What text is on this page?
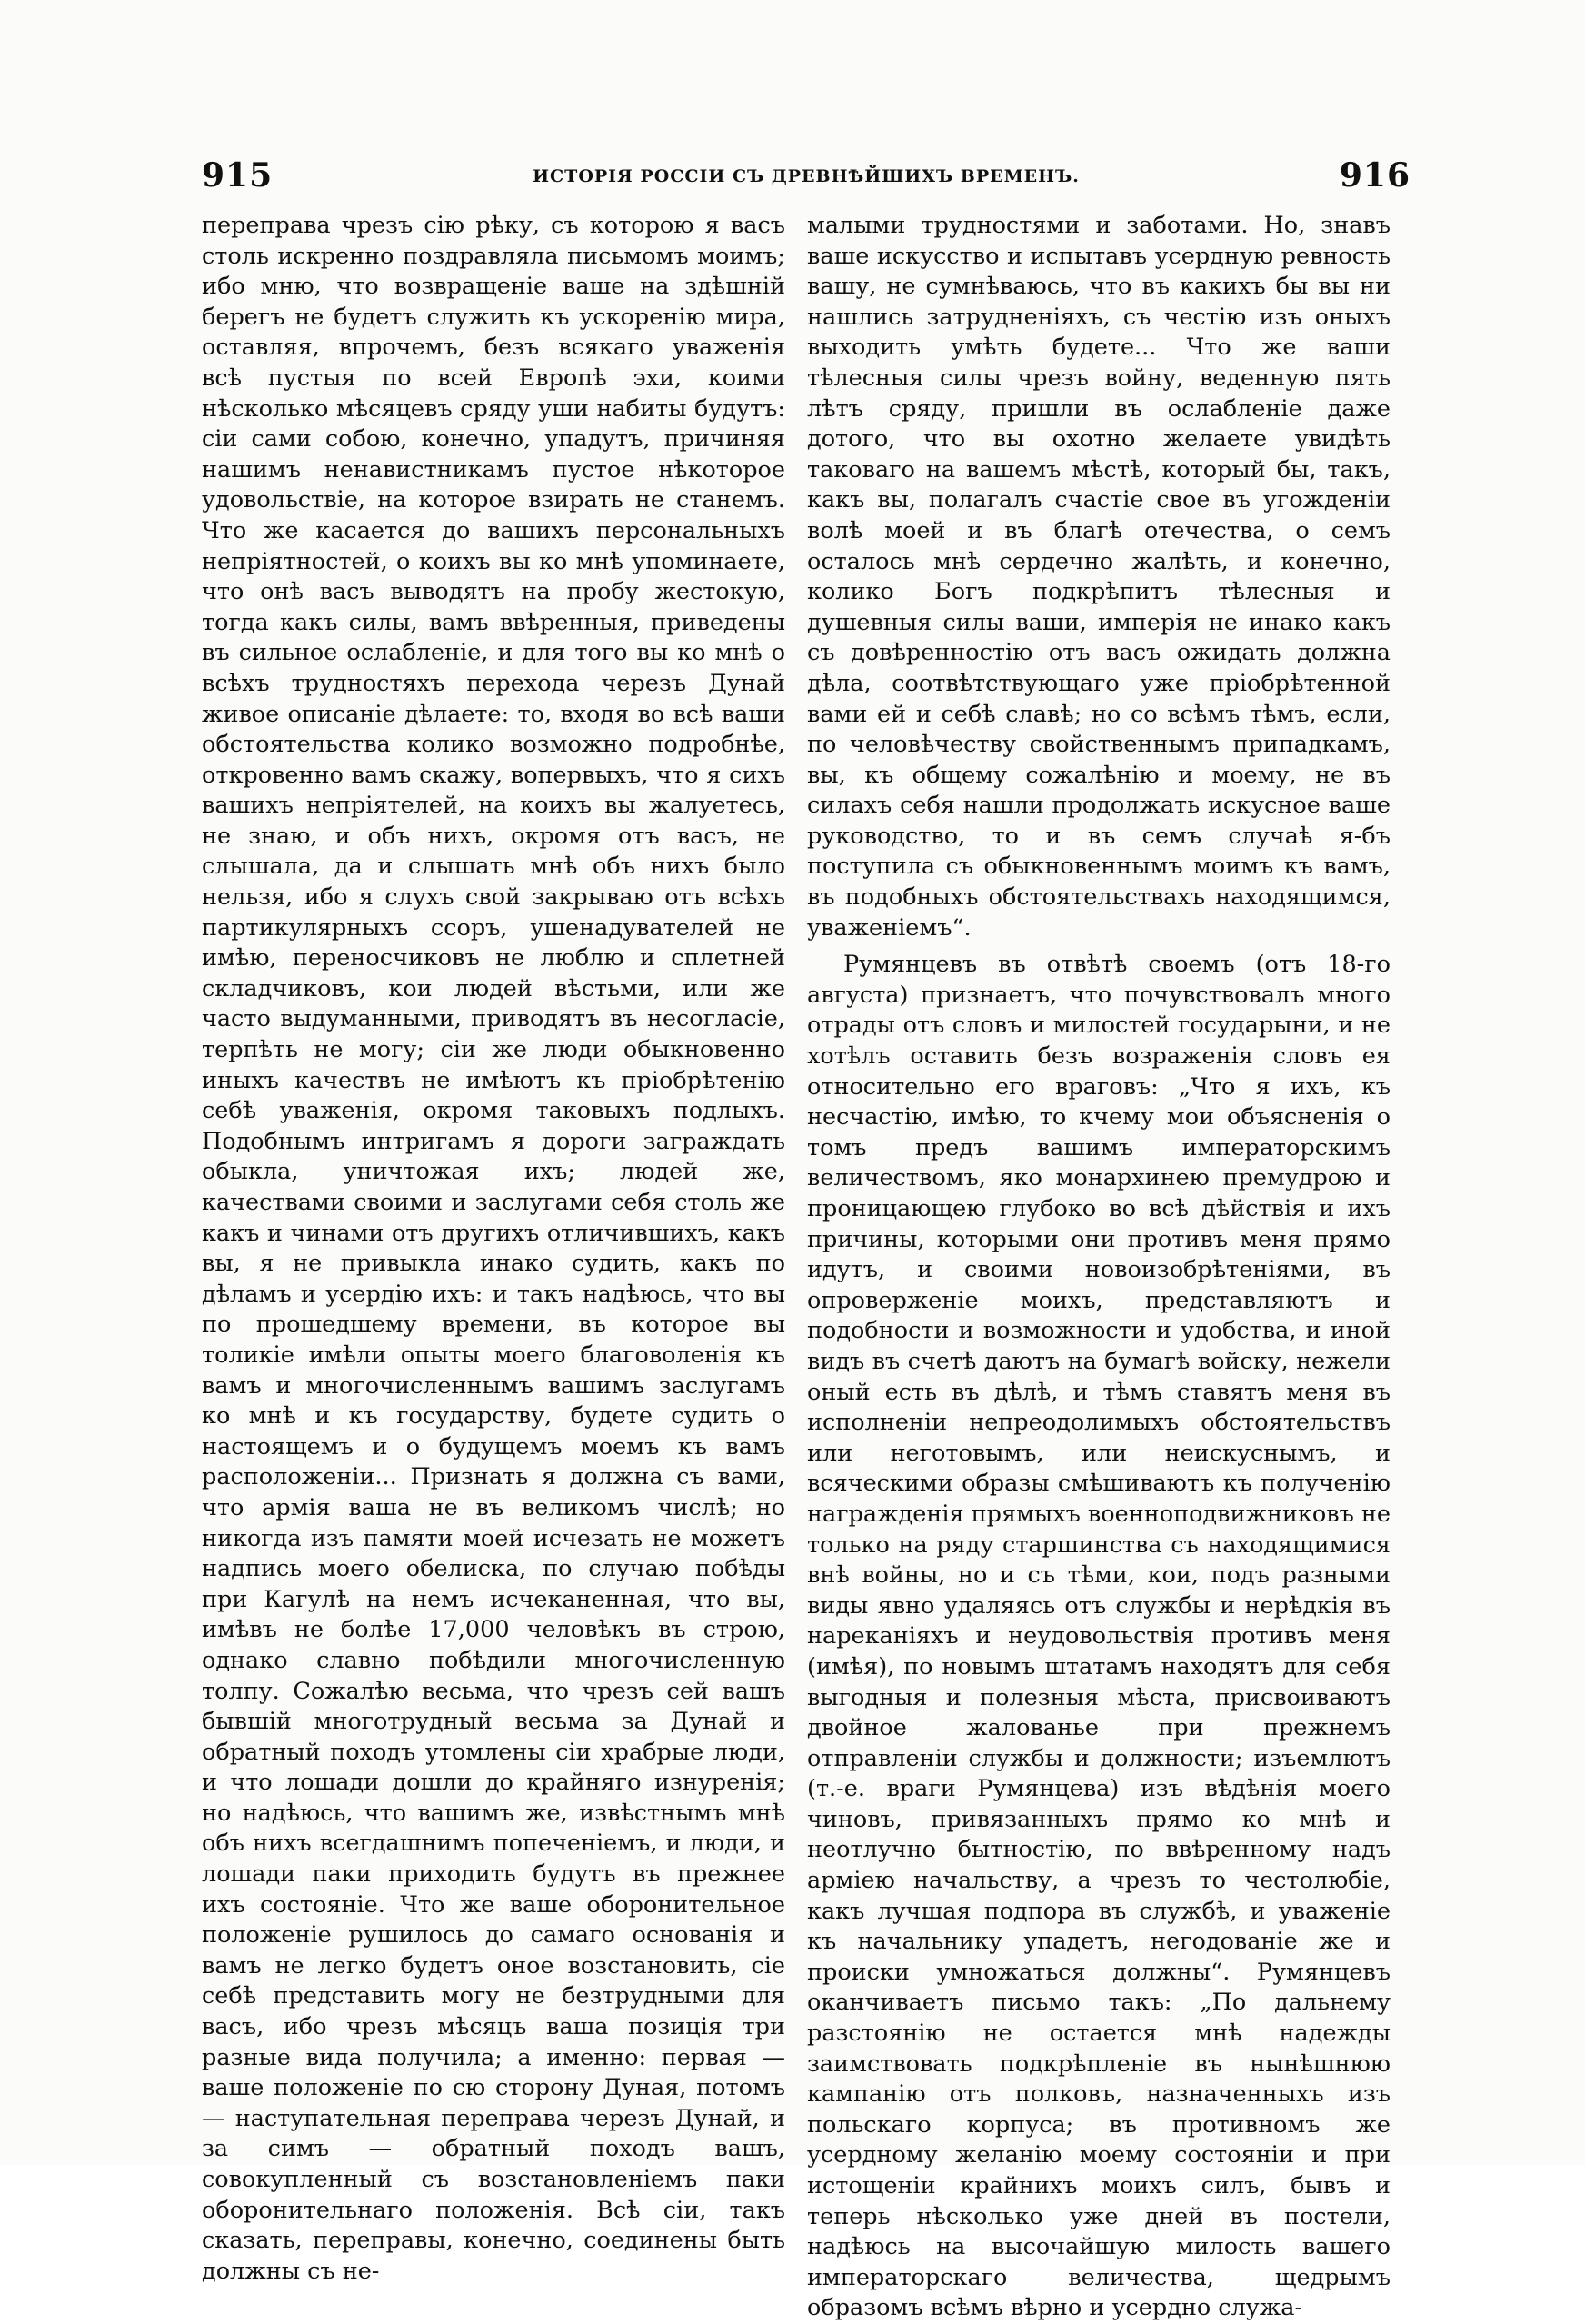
915	ИСТОРІЯ РОССІИ СЪ ДРЕВНѢЙШИХЪ ВРЕМЕНЪ.	916

переправа чрезъ сію рѣку, съ которою я васъ столь искренно поздравляла письмомъ моимъ; ибо мню, что возвращеніе ваше на здѣшній берегъ не будетъ служить къ ускоренію мира, оставляя, впрочемъ, безъ всякаго уваженія всѣ пустыя по всей Европѣ эхи, коими нѣсколько мѣсяцевъ сряду уши набиты будутъ: сіи сами собою, конечно, упадутъ, причиняя нашимъ ненавистникамъ пустое нѣкоторое удовольствіе, на которое взирать не станемъ. Что же касается до вашихъ персональныхъ непріятностей, о коихъ вы ко мнѣ упоминаете, что онѣ васъ выводятъ на пробу жестокую, тогда какъ силы, вамъ ввѣренныя, приведены въ сильное ослабленіе, и для того вы ко мнѣ о всѣхъ трудностяхъ перехода черезъ Дунай живое описаніе дѣлаете: то, входя во всѣ ваши обстоятельства колико возможно подробнѣе, откровенно вамъ скажу, вопервыхъ, что я сихъ вашихъ непріятелей, на коихъ вы жалуетесь, не знаю, и объ нихъ, окромя отъ васъ, не слышала, да и слышать мнѣ объ нихъ было нельзя, ибо я слухъ свой закрываю отъ всѣхъ партикулярныхъ ссоръ, ушенадувателей не имѣю, переносчиковъ не люблю и сплетней складчиковъ, кои людей вѣстьми, или же часто выдуманными, приводятъ въ несогласіе, терпѣть не могу; сіи же люди обыкновенно иныхъ качествъ не имѣютъ къ пріобрѣтенію себѣ уваженія, окромя таковыхъ подлыхъ. Подобнымъ интригамъ я дороги заграждать обыкла, уничтожая ихъ; людей же, качествами своими и заслугами себя столь же какъ и чинами отъ другихъ отличившихъ, какъ вы, я не привыкла инако судить, какъ по дѣламъ и усердію ихъ: и такъ надѣюсь, что вы по прошедшему времени, въ которое вы толикіе имѣли опыты моего благоволенія къ вамъ и многочисленнымъ вашимъ заслугамъ ко мнѣ и къ государству, будете судить о настоящемъ и о будущемъ моемъ къ вамъ расположеніи... Признать я должна съ вами, что армія ваша не въ великомъ числѣ; но никогда изъ памяти моей исчезать не можетъ надпись моего обелиска, по случаю побѣды при Кагулѣ на немъ исчеканенная, что вы, имѣвъ не болѣе 17,000 человѣкъ въ строю, однако славно побѣдили многочисленную толпу. Сожалѣю весьма, что чрезъ сей вашъ бывшій многотрудный весьма за Дунай и обратный походъ утомлены сіи храбрые люди, и что лошади дошли до крайняго изнуренія; но надѣюсь, что вашимъ же, извѣстнымъ мнѣ объ нихъ всегдашнимъ попеченіемъ, и люди, и лошади паки приходить будутъ въ прежнее ихъ состояніе. Что же ваше оборонительное положеніе рушилось до самаго основанія и вамъ не легко будетъ оное возстановить, сіе себѣ представить могу не безтрудными для васъ, ибо чрезъ мѣсяцъ ваша позиція три разные вида получила; а именно: первая — ваше положеніе по сю сторону Дуная, потомъ — наступательная переправа черезъ Дунай, и за симъ — обратный походъ вашъ, совокупленный съ возстановленіемъ паки оборонительнаго положенія. Всѣ сіи, такъ сказать, переправы, конечно, соединены быть должны съ не-

малыми трудностями и заботами. Но, знавъ ваше искусство и испытавъ усердную ревность вашу, не сумнѣваюсь, что въ какихъ бы вы ни нашлись затрудненіяхъ, съ честію изъ оныхъ выходить умѣть будете... Что же ваши тѣлесныя силы чрезъ войну, веденную пять лѣтъ сряду, пришли въ ослабленіе даже дотого, что вы охотно желаете увидѣть таковаго на вашемъ мѣстѣ, который бы, такъ, какъ вы, полагалъ счастіе свое въ угожденіи волѣ моей и въ благѣ отечества, о семъ осталось мнѣ сердечно жалѣть, и конечно, колико Богъ подкрѣпитъ тѣлесныя и душевныя силы ваши, имперія не инако какъ съ довѣренностію отъ васъ ожидать должна дѣла, соотвѣтствующаго уже пріобрѣтенной вами ей и себѣ славѣ; но со всѣмъ тѣмъ, если, по человѣчеству свойственнымъ припадкамъ, вы, къ общему сожалѣнію и моему, не въ силахъ себя нашли продолжать искусное ваше руководство, то и въ семъ случаѣ я-бъ поступила съ обыкновеннымъ моимъ къ вамъ, въ подобныхъ обстоятельствахъ находящимся, уваженіемъ“.

Румянцевъ въ отвѣтѣ своемъ (отъ 18-го августа) признаетъ, что почувствовалъ много отрады отъ словъ и милостей государыни, и не хотѣлъ оставить безъ возраженія словъ ея относительно его враговъ: „Что я ихъ, къ несчастію, имѣю, то кчему мои объясненія о томъ предъ вашимъ императорскимъ величествомъ, яко монархинею премудрою и проницающею глубоко во всѣ дѣйствія и ихъ причины, которыми они противъ меня прямо идутъ, и своими новоизобрѣтеніями, въ опроверженіе моихъ, представляютъ и подобности и возможности и удобства, и иной видъ въ счетѣ даютъ на бумагѣ войску, нежели оный есть въ дѣлѣ, и тѣмъ ставятъ меня въ исполненіи непреодолимыхъ обстоятельствъ или неготовымъ, или неискуснымъ, и всяческими образы смѣшиваютъ къ полученію награжденія прямыхъ военноподвижниковъ не только на ряду старшинства съ находящимися внѣ войны, но и съ тѣми, кои, подъ разными виды явно удаляясь отъ службы и нерѣдкія въ нареканіяхъ и неудовольствія противъ меня (имѣя), по новымъ штатамъ находятъ для себя выгодныя и полезныя мѣста, присвоиваютъ двойное жалованье при прежнемъ отправленіи службы и должности; изъемлютъ (т.-е. враги Румянцева) изъ вѣдѣнія моего чиновъ, привязанныхъ прямо ко мнѣ и неотлучно бытностію, по ввѣренному надъ арміею начальству, а чрезъ то честолюбіе, какъ лучшая подпора въ службѣ, и уваженіе къ начальнику упадетъ, негодованіе же и происки умножаться должны“. Румянцевъ оканчиваетъ письмо такъ: „По дальнему разстоянію не остается мнѣ надежды заимствовать подкрѣпленіе въ нынѣшнюю кампанію отъ полковъ, назначенныхъ изъ польскаго корпуса; въ противномъ же усердному желанію моему состояніи и при истощеніи крайнихъ моихъ силъ, бывъ и теперь нѣсколько уже дней въ постели, надѣюсь на высочайшую милость вашего императорскаго величества, щедрымъ образомъ всѣмъ вѣрно и усердно служа-
